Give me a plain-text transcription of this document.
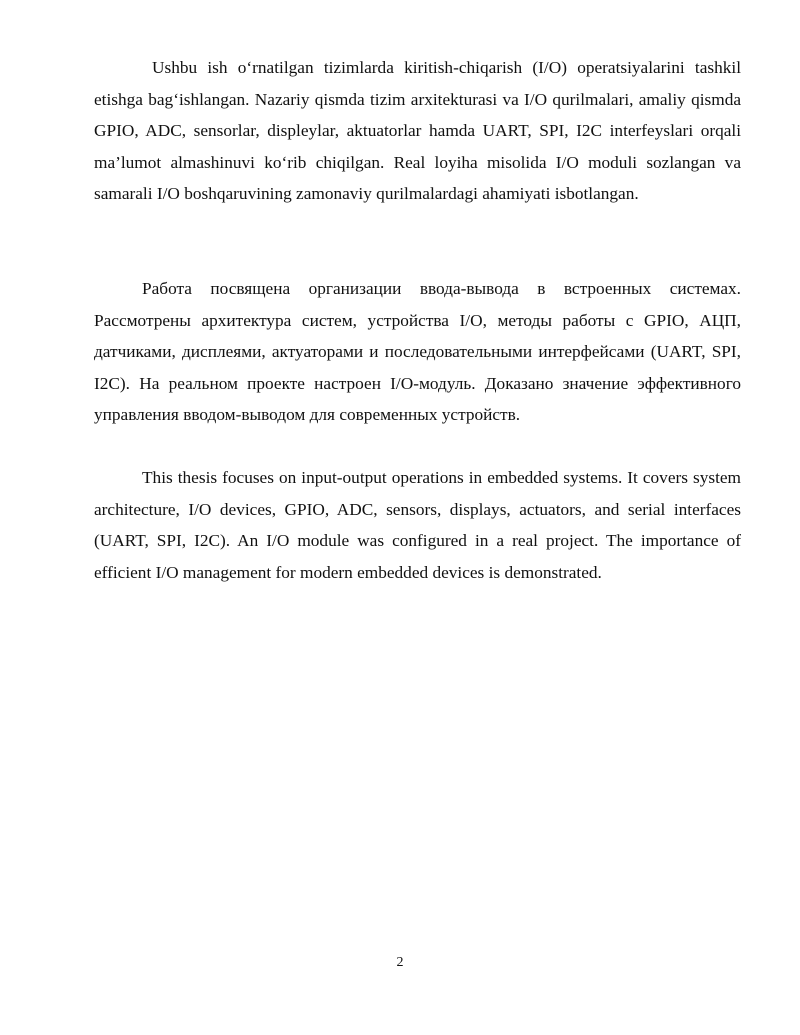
Ushbu ish o‘rnatilgan tizimlarda kiritish-chiqarish (I/O) operatsiyalarini tashkil etishga bag‘ishlangan. Nazariy qismda tizim arxitekturasi va I/O qurilmalari, amaliy qismda GPIO, ADC, sensorlar, displeylar, aktuatorlar hamda UART, SPI, I2C interfeyslari orqali ma’lumot almashinuvi ko‘rib chiqilgan. Real loyiha misolida I/O moduli sozlangan va samarali I/O boshqaruvining zamonaviy qurilmalardagi ahamiyati isbotlangan.

Работа посвящена организации ввода-вывода в встроенных системах. Рассмотрены архитектура систем, устройства I/O, методы работы с GPIO, АЦП, датчиками, дисплеями, актуаторами и последовательными интерфейсами (UART, SPI, I2C). На реальном проекте настроен I/O-модуль. Доказано значение эффективного управления вводом-выводом для современных устройств.

This thesis focuses on input-output operations in embedded systems. It covers system architecture, I/O devices, GPIO, ADC, sensors, displays, actuators, and serial interfaces (UART, SPI, I2C). An I/O module was configured in a real project. The importance of efficient I/O management for modern embedded devices is demonstrated.

2
